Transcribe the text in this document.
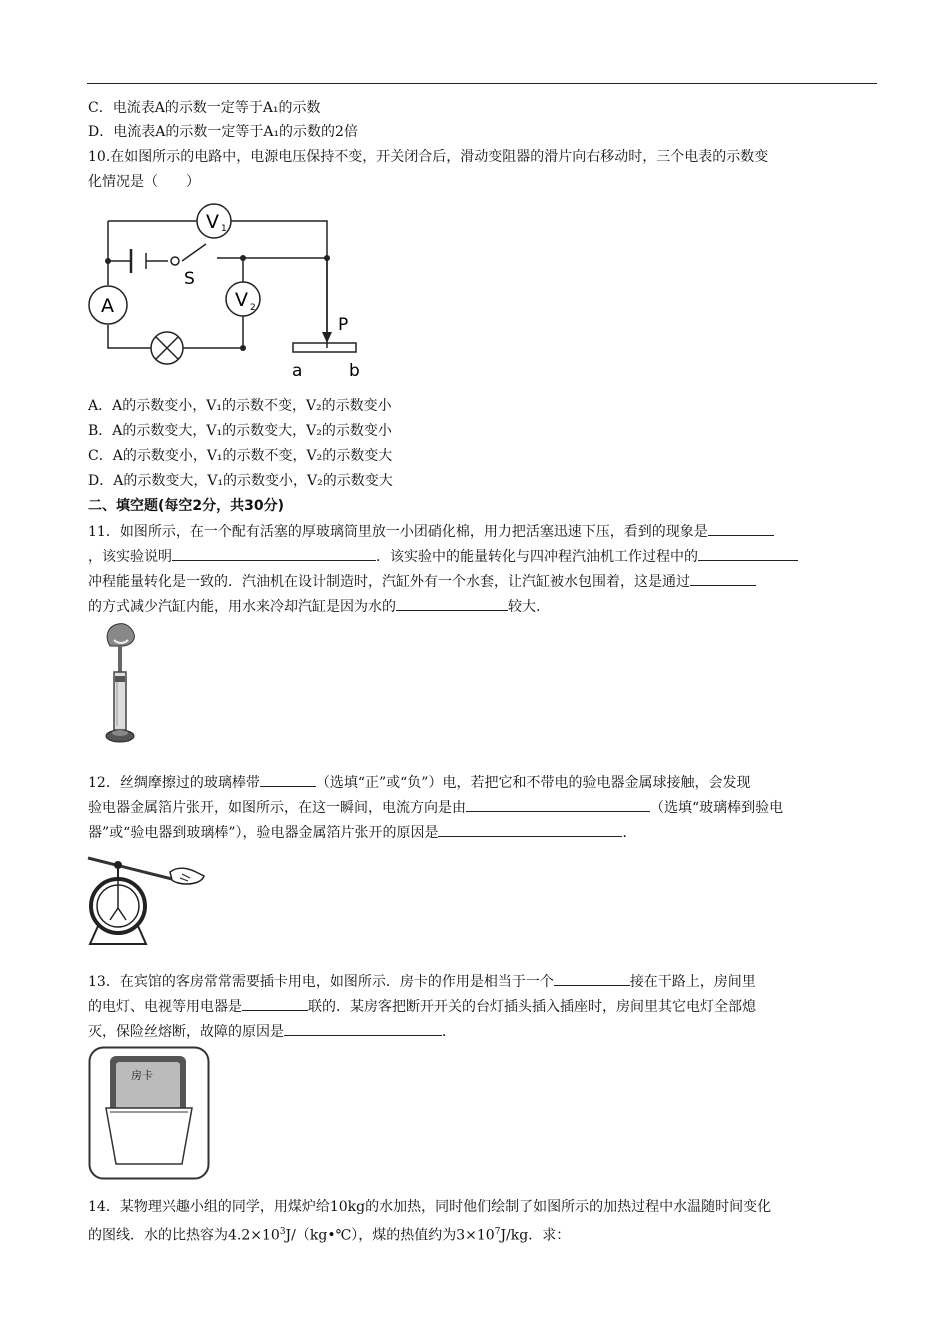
C．电流表A的示数一定等于A₁的示数
D．电流表A的示数一定等于A₁的示数的2倍
10.在如图所示的电路中，电源电压保持不变，开关闭合后，滑动变阻器的滑片向右移动时，三个电表的示数变
化情况是（　　）
V 1
V 2
A
S
P
a	b
A．A的示数变小，V₁的示数不变，V₂的示数变小
B．A的示数变大，V₁的示数变大，V₂的示数变小
C．A的示数变小，V₁的示数不变，V₂的示数变大
D．A的示数变大，V₁的示数变小，V₂的示数变大
二、填空题(每空2分，共30分)
11．如图所示，在一个配有活塞的厚玻璃筒里放一小团硝化棉，用力把活塞迅速下压，看到的现象是
，该实验说明	．该实验中的能量转化与四冲程汽油机工作过程中的
冲程能量转化是一致的．汽油机在设计制造时，汽缸外有一个水套，让汽缸被水包围着，这是通过
的方式减少汽缸内能，用水来冷却汽缸是因为水的	较大.
12．丝绸摩擦过的玻璃棒带	（选填“正”或“负”）电，若把它和不带电的验电器金属球接触，会发现
验电器金属箔片张开，如图所示，在这一瞬间，电流方向是由	（选填“玻璃棒到验电
器”或“验电器到玻璃棒”），验电器金属箔片张开的原因是	．
13．在宾馆的客房常常需要插卡用电，如图所示．房卡的作用是相当于一个	接在干路上，房间里
的电灯、电视等用电器是	联的．某房客把断开开关的台灯插头插入插座时，房间里其它电灯全部熄
灭，保险丝熔断，故障的原因是	．
房卡
14．某物理兴趣小组的同学，用煤炉给10kg的水加热，同时他们绘制了如图所示的加热过程中水温随时间变化
的图线．水的比热容为$4.2\times 10^3J/(kg•℃)$，煤的热值约为$3\times 10^7J/kg$．求：
